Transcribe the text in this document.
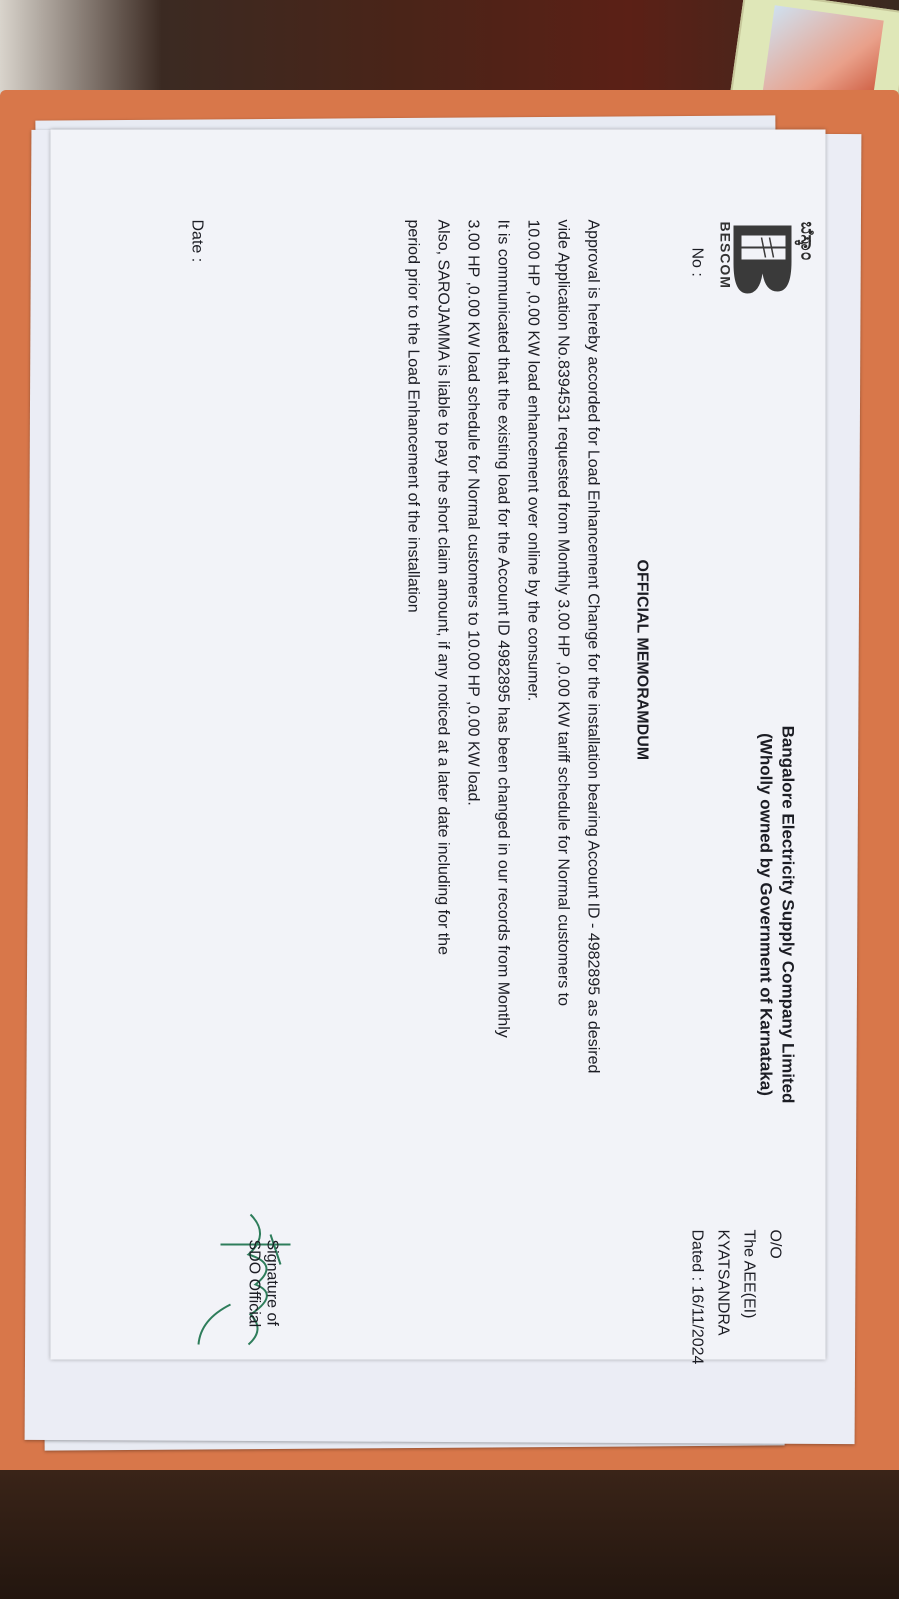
ಬೆಸ್ಕಾಂ
BESCOM
No :
Bangalore Electricity Supply Company Limited
(Wholly owned by Government of Karnataka)
O/O
The AEE(EI)
KYATSANDRA
Dated : 16/11/2024
OFFICIAL MEMORAMDUM
Approval is hereby accorded for Load Enhancement Change for the installation bearing Account ID - 4982895 as desired
vide Application No.8394531 requested from Monthly 3.00 HP ,0.00 KW tariff schedule for Normal customers to
10.00 HP ,0.00 KW load enhancement over online by the consumer.
It is communicated that the existing load for the Account ID 4982895 has been changed in our records from Monthly
3.00 HP ,0.00 KW load schedule for Normal customers to 10.00 HP ,0.00 KW load.
Also, SAROJAMMA is liable to pay the short claim amount, if any noticed at a later date including for the
period prior to the Load Enhancement of the installation
Signature of SDO Official
Date :
